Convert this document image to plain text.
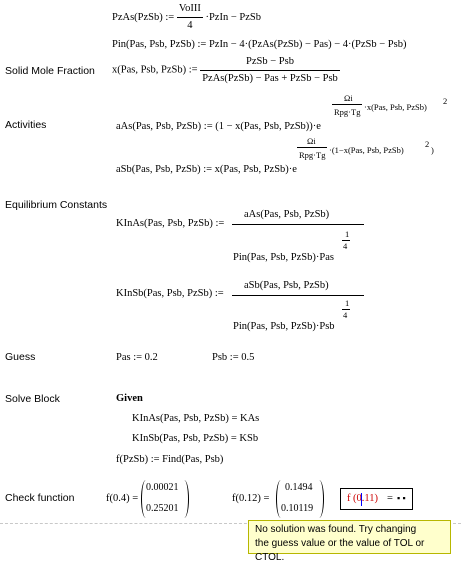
PzAs(PzSb) := $\frac{\text{VoIII}}{4}$ ·PzIn − PzSb
Pin(Pas, Psb, PzSb) := PzIn − 4·(PzAs(PzSb) − Pas) − 4·(PzSb − Psb)
Solid Mole Fraction x(Pas, Psb, PzSb) := $\frac{\text{PzSb − Psb}}{\text{PzAs(PzSb) − Pas + PzSb − Psb}}$
Activities	aAs(Pas, Psb, PzSb) := (1 − x(Pas, Psb, PzSb))·e
Ωi
Rpg·Tg ·x(Pas, Psb, PzSb)
2
aSb(Pas, Psb, PzSb) := x(Pas, Psb, PzSb)·e
Ωi
Rpg·Tg ·(1−x(Pas, Psb, PzSb)
2
)
Equilibrium Constants
KInAs(Pas, Psb, PzSb) :=
aAs(Pas, Psb, PzSb)
Pin(Pas, Psb, PzSb)·Pas
1
4
KInSb(Pas, Psb, PzSb) :=
aSb(Pas, Psb, PzSb)
Pin(Pas, Psb, PzSb)·Psb
1
4
Guess	Pas := 0.2	Psb := 0.5
Solve Block	Given
KInAs(Pas, Psb, PzSb) = KAs
KInSb(Pas, Psb, PzSb) = KSb
f(PzSb) := Find(Pas, Psb)
Check function	f(0.4) =
0.00021
0.25201
f(0.12) =
0.1494
0.10119
f (0.11) = ▪ ▪
No solution was found. Try changing
the guess value or the value of TOL or CTOL.
